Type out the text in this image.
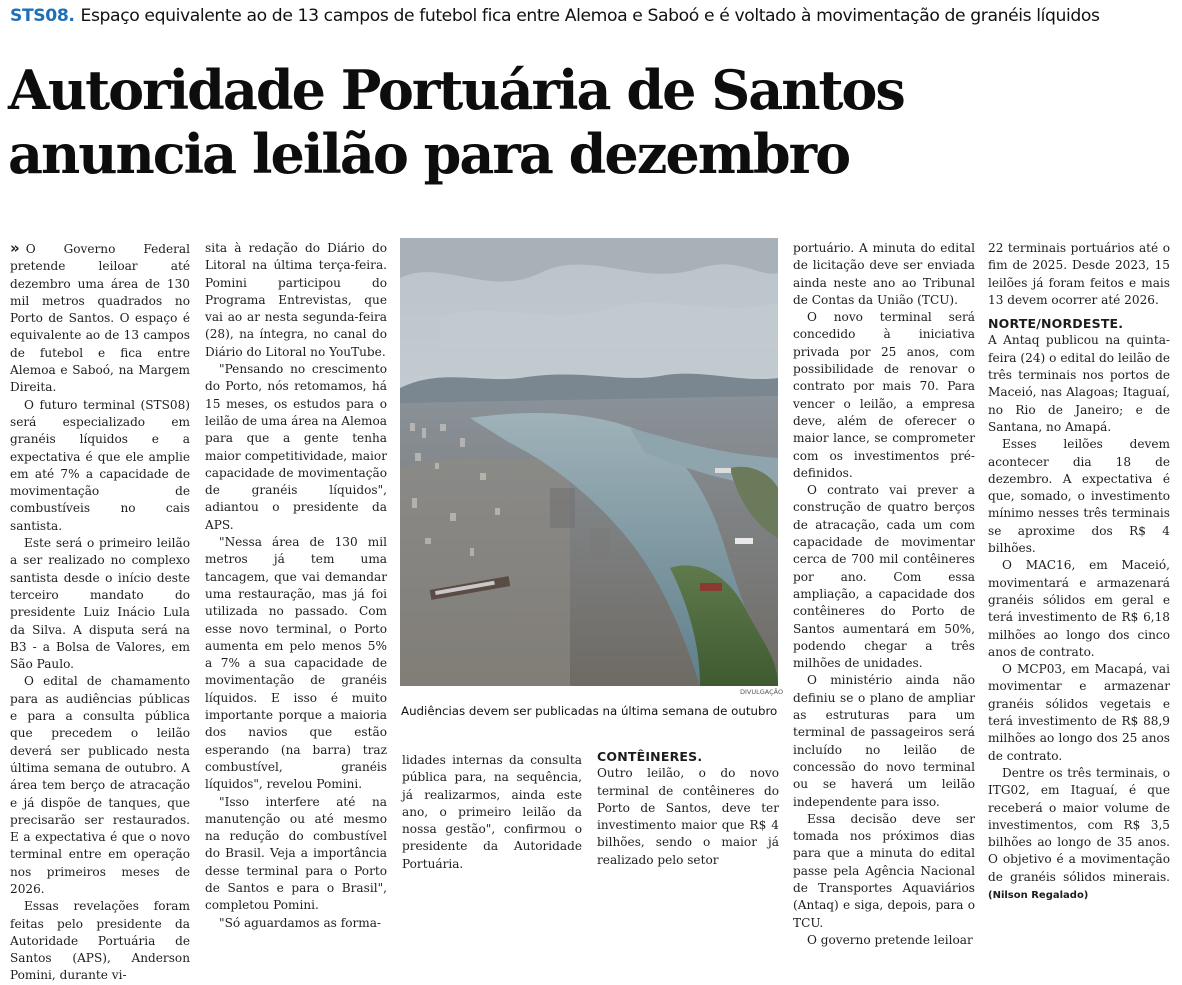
STS08. Espaço equivalente ao de 13 campos de futebol fica entre Alemoa e Saboó e é voltado à movimentação de granéis líquidos
Autoridade Portuária de Santos
anuncia leilão para dezembro

» O Governo Federal pretende leiloar até dezembro uma área de 130 mil metros quadrados no Porto de Santos. O espaço é equivalente ao de 13 campos de futebol e fica entre Alemoa e Saboó, na Margem Direita.

O futuro terminal (STS08) será especializado em granéis líquidos e a expectativa é que ele amplie em até 7% a capacidade de movimentação de combustíveis no cais santista.

Este será o primeiro leilão a ser realizado no complexo santista desde o início deste terceiro mandato do presidente Luiz Inácio Lula da Silva. A disputa será na B3 - a Bolsa de Valores, em São Paulo.

O edital de chamamento para as audiências públicas e para a consulta pública que precedem o leilão deverá ser publicado nesta última semana de outubro. A área tem berço de atracação e já dispõe de tanques, que precisarão ser restaurados. E a expectativa é que o novo terminal entre em operação nos primeiros meses de 2026.

Essas revelações foram feitas pelo presidente da Autoridade Portuária de Santos (APS), Anderson Pomini, durante vi-

sita à redação do Diário do Litoral na última terça-feira. Pomini participou do Programa Entrevistas, que vai ao ar nesta segunda-feira (28), na íntegra, no canal do Diário do Litoral no YouTube.

"Pensando no crescimento do Porto, nós retomamos, há 15 meses, os estudos para o leilão de uma área na Alemoa para que a gente tenha maior competitividade, maior capacidade de movimentação de granéis líquidos", adiantou o presidente da APS.

"Nessa área de 130 mil metros já tem uma tancagem, que vai demandar uma restauração, mas já foi utilizada no passado. Com esse novo terminal, o Porto aumenta em pelo menos 5% a 7% a sua capacidade de movimentação de granéis líquidos. E isso é muito importante porque a maioria dos navios que estão esperando (na barra) traz combustível, granéis líquidos", revelou Pomini.

"Isso interfere até na manutenção ou até mesmo na redução do combustível do Brasil. Veja a importância desse terminal para o Porto de Santos e para o Brasil", completou Pomini.

"Só aguardamos as forma-

DIVULGAÇÃO
Audiências devem ser publicadas na última semana de outubro

lidades internas da consulta pública para, na sequência, já realizarmos, ainda este ano, o primeiro leilão da nossa gestão", confirmou o presidente da Autoridade Portuária.

CONTÊINERES.

Outro leilão, o do novo terminal de contêineres do Porto de Santos, deve ter investimento maior que R$ 4 bilhões, sendo o maior já realizado pelo setor

portuário. A minuta do edital de licitação deve ser enviada ainda neste ano ao Tribunal de Contas da União (TCU).

O novo terminal será concedido à iniciativa privada por 25 anos, com possibilidade de renovar o contrato por mais 70. Para vencer o leilão, a empresa deve, além de oferecer o maior lance, se comprometer com os investimentos pré-definidos.

O contrato vai prever a construção de quatro berços de atracação, cada um com capacidade de movimentar cerca de 700 mil contêineres por ano. Com essa ampliação, a capacidade dos contêineres do Porto de Santos aumentará em 50%, podendo chegar a três milhões de unidades.

O ministério ainda não definiu se o plano de ampliar as estruturas para um terminal de passageiros será incluído no leilão de concessão do novo terminal ou se haverá um leilão independente para isso.

Essa decisão deve ser tomada nos próximos dias para que a minuta do edital passe pela Agência Nacional de Transportes Aquaviários (Antaq) e siga, depois, para o TCU.

O governo pretende leiloar

22 terminais portuários até o fim de 2025. Desde 2023, 15 leilões já foram feitos e mais 13 devem ocorrer até 2026.

NORTE/NORDESTE.

A Antaq publicou na quinta-feira (24) o edital do leilão de três terminais nos portos de Maceió, nas Alagoas; Itaguaí, no Rio de Janeiro; e de Santana, no Amapá.

Esses leilões devem acontecer dia 18 de dezembro. A expectativa é que, somado, o investimento mínimo nesses três terminais se aproxime dos R$ 4 bilhões.

O MAC16, em Maceió, movimentará e armazenará granéis sólidos em geral e terá investimento de R$ 6,18 milhões ao longo dos cinco anos de contrato.

O MCP03, em Macapá, vai movimentar e armazenar granéis sólidos vegetais e terá investimento de R$ 88,9 milhões ao longo dos 25 anos de contrato.

Dentre os três terminais, o ITG02, em Itaguaí, é que receberá o maior volume de investimentos, com R$ 3,5 bilhões ao longo de 35 anos. O objetivo é a movimentação de granéis sólidos minerais. (Nilson Regalado)
